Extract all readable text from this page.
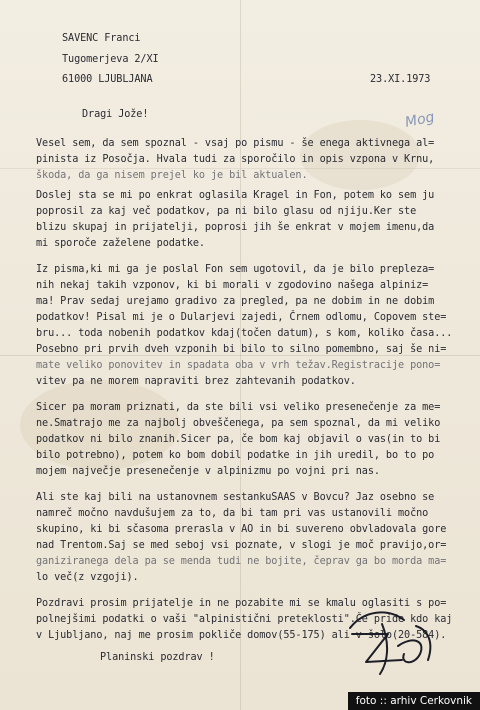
SAVENC Franci
Tugomerjeva 2/XI
61000 LJUBLJANA	23.XI.1973
Dragi Jože!	Mog
Vesel sem, da sem spoznal - vsaj po pismu - še enega aktivnega al=
pinista iz Posočja. Hvala tudi za sporočilo in opis vzpona v Krnu,
škoda, da ga nisem prejel ko je bil aktualen.
Doslej sta se mi po enkrat oglasila Kragel in Fon, potem ko sem ju
poprosil za kaj več podatkov, pa ni bilo glasu od njiju.Ker ste
blizu skupaj in prijatelji, poprosi jih še enkrat v mojem imenu,da
mi sporoče zaželene podatke.
Iz pisma,ki mi ga je poslal Fon sem ugotovil, da je bilo prepleza=
nih nekaj takih vzponov, ki bi morali v zgodovino našega alpiniz=
ma! Prav sedaj urejamo gradivo za pregled, pa ne dobim in ne dobim
podatkov! Pisal mi je o Dularjevi zajedi, Črnem odlomu, Copovem ste=
bru... toda nobenih podatkov kdaj(točen datum), s kom, koliko časa...
Posebno pri prvih dveh vzponih bi bilo to silno pomembno, saj še ni=
mate veliko ponovitev in spadata oba v vrh težav.Registracije pono=
vitev pa ne morem napraviti brez zahtevanih podatkov.
Sicer pa moram priznati, da ste bili vsi veliko presenečenje za me=
ne.Smatrajo me za najbolj obveščenega, pa sem spoznal, da mi veliko
podatkov ni bilo znanih.Sicer pa, če bom kaj objavil o vas(in to bi
bilo potrebno), potem ko bom dobil podatke in jih uredil, bo to po
mojem največje presenečenje v alpinizmu po vojni pri nas.
Ali ste kaj bili na ustanovnem sestankuSAAS v Bovcu? Jaz osebno se
namreč močno navdušujem za to, da bi tam pri vas ustanovili močno
skupino, ki bi sčasoma prerasla v AO in bi suvereno obvladovala gore
nad Trentom.Saj se med seboj vsi poznate, v slogi je moč pravijo,or=
ganiziranega dela pa se menda tudi ne bojite, čeprav ga bo morda ma=
lo več(z vzgoji).
Pozdravi prosim prijatelje in ne pozabite mi se kmalu oglasiti s po=
polnejšimi podatki o vaši "alpinistični preteklosti".Če pride kdo kaj
v Ljubljano, naj me prosim pokliče domov(55-175) ali v šolo(20-584).
Planinski pozdrav !
foto :: arhiv Cerkovnik
